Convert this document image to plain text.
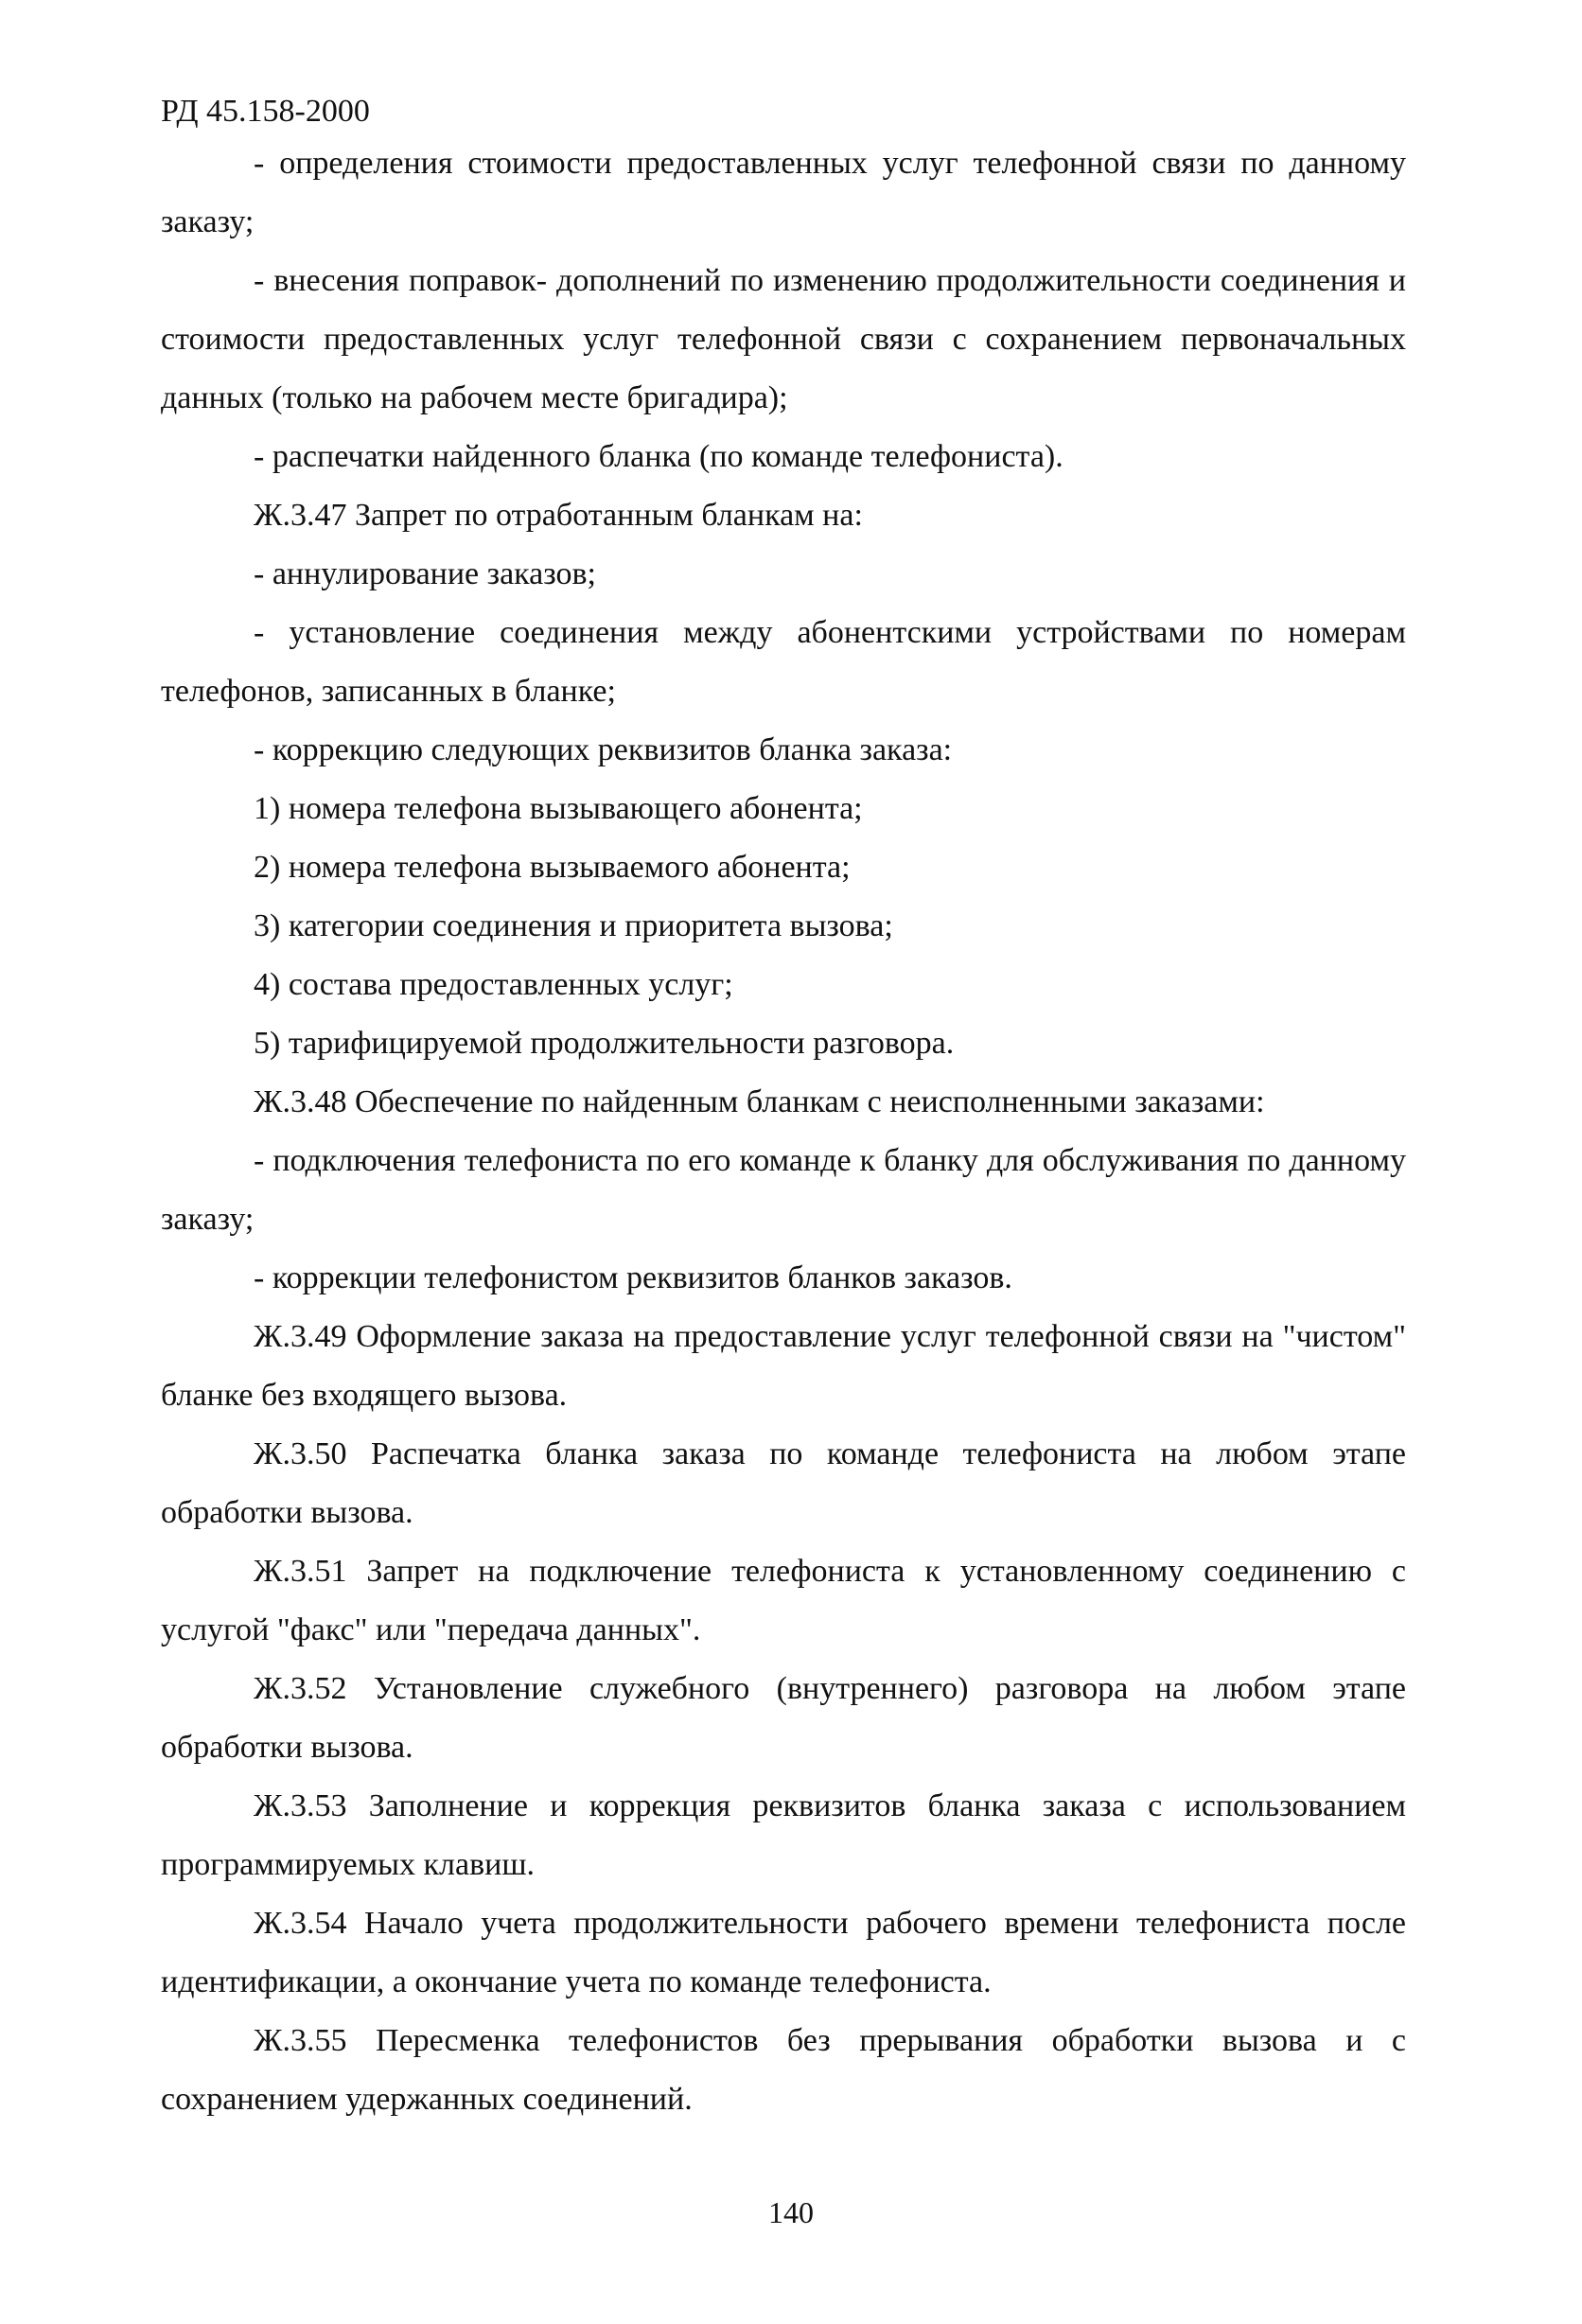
РД 45.158-2000

- определения стоимости предоставленных услуг телефонной связи по данному заказу;

- внесения поправок- дополнений по изменению продолжительности соединения и стоимости предоставленных услуг телефонной связи с сохранением первоначальных данных (только на рабочем месте бригадира);

- распечатки найденного бланка (по команде телефониста).

Ж.3.47 Запрет по отработанным бланкам на:

- аннулирование заказов;

- установление соединения между абонентскими устройствами по номерам телефонов, записанных в бланке;

- коррекцию следующих реквизитов бланка заказа:

1) номера телефона вызывающего абонента;

2) номера телефона вызываемого абонента;

3) категории соединения и приоритета вызова;

4) состава предоставленных услуг;

5) тарифицируемой продолжительности разговора.

Ж.3.48 Обеспечение по найденным бланкам с неисполненными заказами:

- подключения телефониста по его команде к бланку для обслуживания по данному заказу;

- коррекции телефонистом реквизитов бланков заказов.

Ж.3.49 Оформление заказа на предоставление услуг телефонной связи на "чистом" бланке без входящего вызова.

Ж.3.50 Распечатка бланка заказа по команде телефониста на любом этапе обработки вызова.

Ж.3.51 Запрет на подключение телефониста к установленному соединению с услугой "факс" или "передача данных".

Ж.3.52 Установление служебного (внутреннего) разговора на любом этапе обработки вызова.

Ж.3.53 Заполнение и коррекция реквизитов бланка заказа с использованием программируемых клавиш.

Ж.3.54 Начало учета продолжительности рабочего времени телефониста после идентификации, а окончание учета по команде телефониста.

Ж.3.55 Пересменка телефонистов без прерывания обработки вызова и с сохранением удержанных соединений.

140
